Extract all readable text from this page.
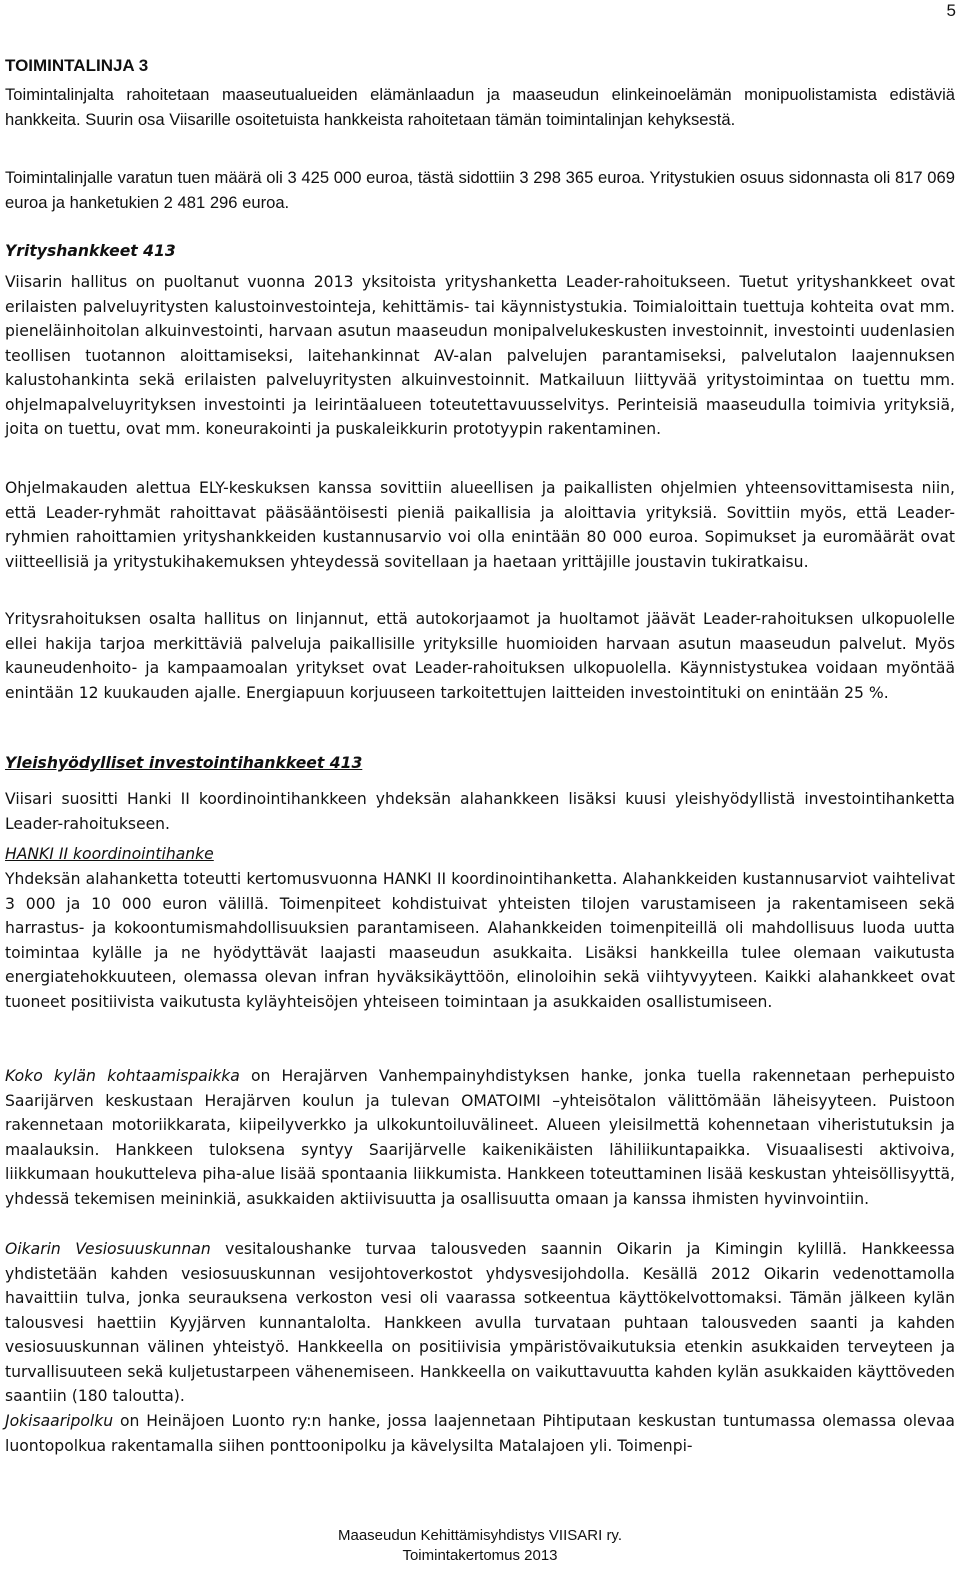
5
TOIMINTALINJA 3

Toimintalinjalta rahoitetaan maaseutualueiden elämänlaadun ja maaseudun elinkeinoelämän monipuolistamista edistäviä hankkeita. Suurin osa Viisarille osoitetuista hankkeista rahoitetaan tämän toimintalinjan kehyksestä.

Toimintalinjalle varatun tuen määrä oli 3 425 000 euroa, tästä sidottiin 3 298 365 euroa. Yritystukien osuus sidonnasta oli 817 069 euroa ja hanketukien 2 481 296 euroa.

Yrityshankkeet 413

Viisarin hallitus on puoltanut vuonna 2013 yksitoista yrityshanketta Leader-rahoitukseen. Tuetut yrityshankkeet ovat erilaisten palveluyritysten kalustoinvestointeja, kehittämis- tai käynnistystukia. Toimialoittain tuettuja kohteita ovat mm. pieneläinhoitolan alkuinvestointi, harvaan asutun maaseudun monipalvelukeskusten investoinnit, investointi uudenlasien teollisen tuotannon aloittamiseksi, laitehankinnat AV-alan palvelujen parantamiseksi, palvelutalon laajennuksen kalustohankinta sekä erilaisten palveluyritysten alkuinvestoinnit. Matkailuun liittyvää yritystoimintaa on tuettu mm. ohjelmapalveluyrityksen investointi ja leirintäalueen toteutettavuusselvitys. Perinteisiä maaseudulla toimivia yrityksiä, joita on tuettu, ovat mm. koneurakointi ja puskaleikkurin prototyypin rakentaminen.

Ohjelmakauden alettua ELY-keskuksen kanssa sovittiin alueellisen ja paikallisten ohjelmien yhteensovittamisesta niin, että Leader-ryhmät rahoittavat pääsääntöisesti pieniä paikallisia ja aloittavia yrityksiä. Sovittiin myös, että Leader-ryhmien rahoittamien yrityshankkeiden kustannusarvio voi olla enintään 80 000 euroa. Sopimukset ja euromäärät ovat viitteellisiä ja yritystukihakemuksen yhteydessä sovitellaan ja haetaan yrittäjille joustavin tukiratkaisu.

Yritysrahoituksen osalta hallitus on linjannut, että autokorjaamot ja huoltamot jäävät Leader-rahoituksen ulkopuolelle ellei hakija tarjoa merkittäviä palveluja paikallisille yrityksille huomioiden harvaan asutun maaseudun palvelut. Myös kauneudenhoito- ja kampaamoalan yritykset ovat Leader-rahoituksen ulkopuolella. Käynnistystukea voidaan myöntää enintään 12 kuukauden ajalle. Energiapuun korjuuseen tarkoitettujen laitteiden investointituki on enintään 25 %.

Yleishyödylliset investointihankkeet 413

Viisari suositti Hanki II koordinointihankkeen yhdeksän alahankkeen lisäksi kuusi yleishyödyllistä investointihanketta Leader-rahoitukseen.

HANKI II koordinointihanke

Yhdeksän alahanketta toteutti kertomusvuonna HANKI II koordinointihanketta. Alahankkeiden kustannusarviot vaihtelivat 3 000 ja 10 000 euron välillä. Toimenpiteet kohdistuivat yhteisten tilojen varustamiseen ja rakentamiseen sekä harrastus- ja kokoontumismahdollisuuksien parantamiseen. Alahankkeiden toimenpiteillä oli mahdollisuus luoda uutta toimintaa kylälle ja ne hyödyttävät laajasti maaseudun asukkaita. Lisäksi hankkeilla tulee olemaan vaikutusta energiatehokkuuteen, olemassa olevan infran hyväksikäyttöön, elinoloihin sekä viihtyvyyteen. Kaikki alahankkeet ovat tuoneet positiivista vaikutusta kyläyhteisöjen yhteiseen toimintaan ja asukkaiden osallistumiseen.

Koko kylän kohtaamispaikka on Herajärven Vanhempainyhdistyksen hanke, jonka tuella rakennetaan perhepuisto Saarijärven keskustaan Herajärven koulun ja tulevan OMATOIMI –yhteisötalon välittömään läheisyyteen. Puistoon rakennetaan motoriikkarata, kiipeilyverkko ja ulkokuntoiluvälineet. Alueen yleisilmettä kohennetaan viheristutuksin ja maalauksin. Hankkeen tuloksena syntyy Saarijärvelle kaikenikäisten lähiliikuntapaikka. Visuaalisesti aktivoiva, liikkumaan houkutteleva piha-alue lisää spontaania liikkumista. Hankkeen toteuttaminen lisää keskustan yhteisöllisyyttä, yhdessä tekemisen meininkiä, asukkaiden aktiivisuutta ja osallisuutta omaan ja kanssa ihmisten hyvinvointiin.

Oikarin Vesiosuuskunnan vesitaloushanke turvaa talousveden saannin Oikarin ja Kimingin kylillä. Hankkeessa yhdistetään kahden vesiosuuskunnan vesijohtoverkostot yhdysvesijohdolla. Kesällä 2012 Oikarin vedenottamolla havaittiin tulva, jonka seurauksena verkoston vesi oli vaarassa sotkeentua käyttökelvottomaksi. Tämän jälkeen kylän talousvesi haettiin Kyyjärven kunnantalolta. Hankkeen avulla turvataan puhtaan talousveden saanti ja kahden vesiosuuskunnan välinen yhteistyö. Hankkeella on positiivisia ympäristövaikutuksia etenkin asukkaiden terveyteen ja turvallisuuteen sekä kuljetustarpeen vähenemiseen. Hankkeella on vaikuttavuutta kahden kylän asukkaiden käyttöveden saantiin (180 taloutta).

Jokisaaripolku on Heinäjoen Luonto ry:n hanke, jossa laajennetaan Pihtiputaan keskustan tuntumassa olemassa olevaa luontopolkua rakentamalla siihen ponttoonipolku ja kävelysilta Matalajoen yli. Toimenpi-

Maaseudun Kehittämisyhdistys VIISARI ry.
Toimintakertomus 2013
